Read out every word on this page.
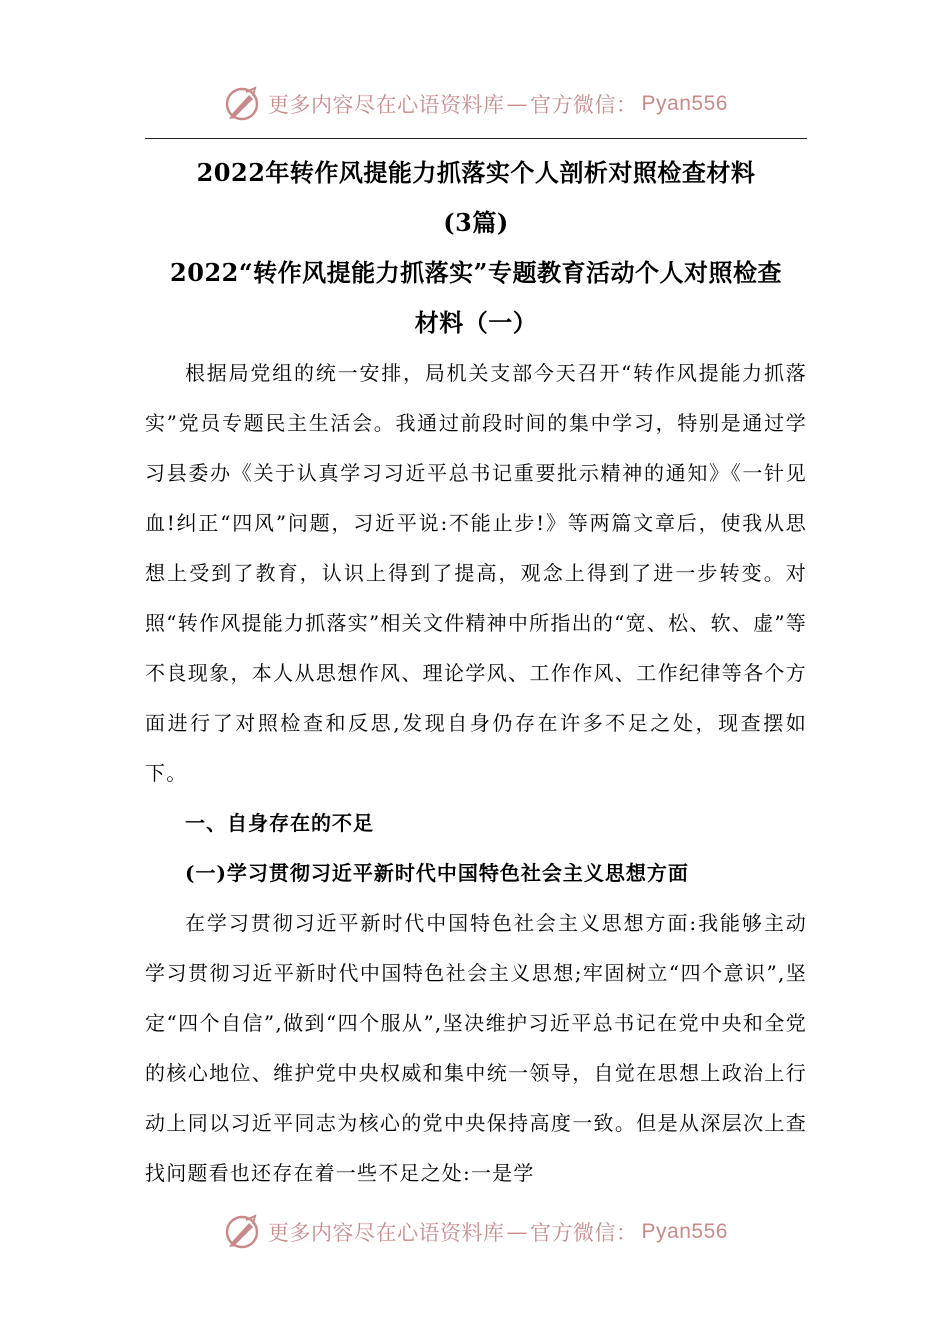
更多内容尽在心语资料库 — 官方微信： Pyan556

2022年转作风提能力抓落实个人剖析对照检查材料

(3篇)

2022“转作风提能力抓落实”专题教育活动个人对照检查

材料（一）

根据局党组的统一安排，局机关支部今天召开“转作风提能力抓落实”党员专题民主生活会。我通过前段时间的集中学习，特别是通过学习县委办《关于认真学习习近平总书记重要批示精神的通知》《一针见血!纠正“四风”问题，习近平说:不能止步!》等两篇文章后，使我从思想上受到了教育，认识上得到了提高，观念上得到了进一步转变。对照“转作风提能力抓落实”相关文件精神中所指出的“宽、松、软、虚”等不良现象，本人从思想作风、理论学风、工作作风、工作纪律等各个方面进行了对照检查和反思,发现自身仍存在许多不足之处，现查摆如下。

一、自身存在的不足

(一)学习贯彻习近平新时代中国特色社会主义思想方面

在学习贯彻习近平新时代中国特色社会主义思想方面:我能够主动学习贯彻习近平新时代中国特色社会主义思想;牢固树立“四个意识”,坚定“四个自信”,做到“四个服从”,坚决维护习近平总书记在党中央和全党的核心地位、维护党中央权威和集中统一领导，自觉在思想上政治上行动上同以习近平同志为核心的党中央保持高度一致。但是从深层次上查找问题看也还存在着一些不足之处:一是学

更多内容尽在心语资料库 — 官方微信： Pyan556
